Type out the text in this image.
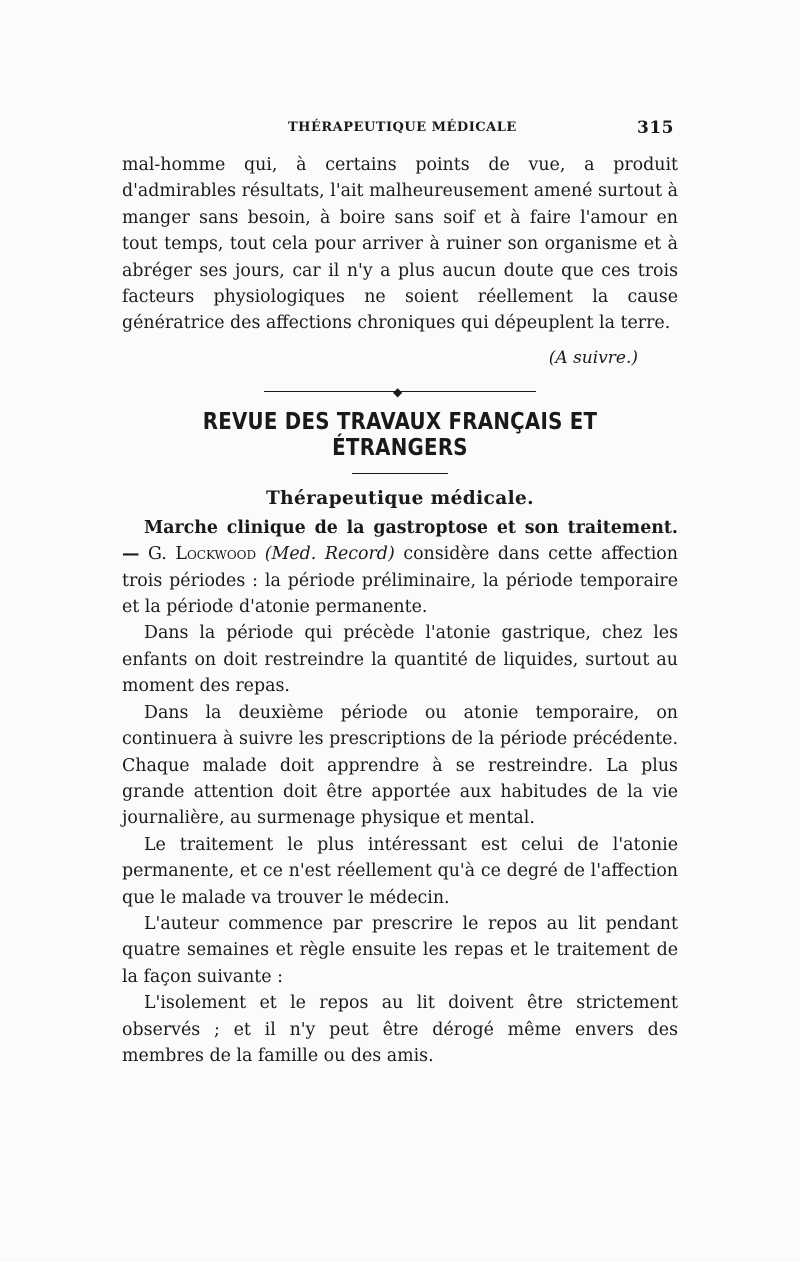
THÉRAPEUTIQUE MÉDICALE	315

mal-homme qui, à certains points de vue, a produit d'admirables résultats, l'ait malheureusement amené surtout à manger sans besoin, à boire sans soif et à faire l'amour en tout temps, tout cela pour arriver à ruiner son organisme et à abréger ses jours, car il n'y a plus aucun doute que ces trois facteurs physiologiques ne soient réellement la cause génératrice des affections chroniques qui dépeuplent la terre.

(A suivre.)
◆
REVUE DES TRAVAUX FRANÇAIS ET ÉTRANGERS
Thérapeutique médicale.

Marche clinique de la gastroptose et son traitement. — G. Lockwood (Med. Record) considère dans cette affection trois périodes : la période préliminaire, la période temporaire et la période d'atonie permanente.

Dans la période qui précède l'atonie gastrique, chez les enfants on doit restreindre la quantité de liquides, surtout au moment des repas.

Dans la deuxième période ou atonie temporaire, on continuera à suivre les prescriptions de la période précédente. Chaque malade doit apprendre à se restreindre. La plus grande attention doit être apportée aux habitudes de la vie journalière, au surmenage physique et mental.

Le traitement le plus intéressant est celui de l'atonie permanente, et ce n'est réellement qu'à ce degré de l'affection que le malade va trouver le médecin.

L'auteur commence par prescrire le repos au lit pendant quatre semaines et règle ensuite les repas et le traitement de la façon suivante :

L'isolement et le repos au lit doivent être strictement observés ; et il n'y peut être dérogé même envers des membres de la famille ou des amis.
